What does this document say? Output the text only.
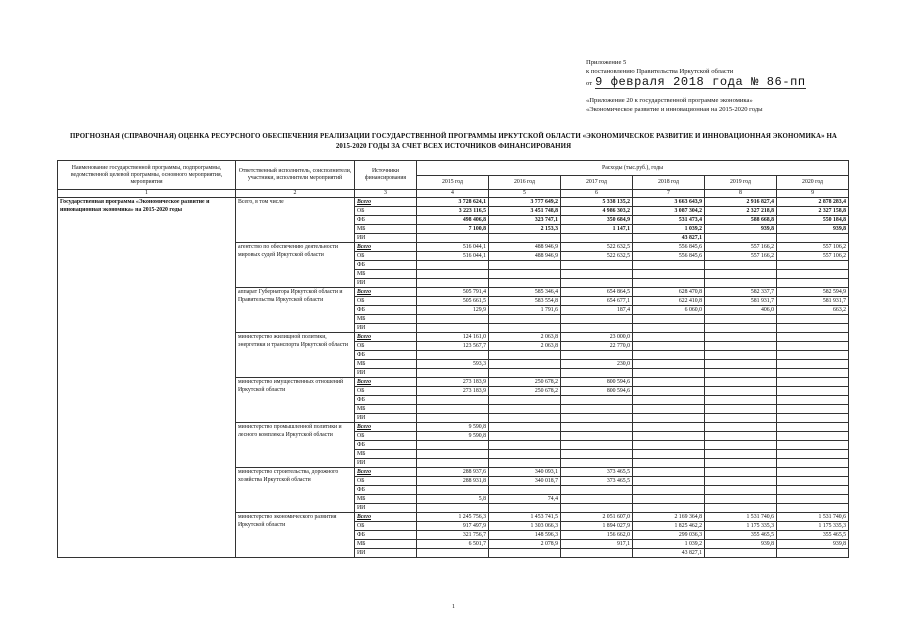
Приложение 5
к постановлению Правительства Иркутской области
от 9 февраля 2018 года № 86-пп
«Приложение 20 к государственной программе экономика»
«Экономическое развитие и инновационная на 2015-2020 годы
ПРОГНОЗНАЯ (СПРАВОЧНАЯ) ОЦЕНКА РЕСУРСНОГО ОБЕСПЕЧЕНИЯ РЕАЛИЗАЦИИ ГОСУДАРСТВЕННОЙ ПРОГРАММЫ ИРКУТСКОЙ ОБЛАСТИ «ЭКОНОМИЧЕСКОЕ РАЗВИТИЕ И ИННОВАЦИОННАЯ ЭКОНОМИКА» НА 2015-2020 ГОДЫ ЗА СЧЕТ ВСЕХ ИСТОЧНИКОВ ФИНАНСИРОВАНИЯ
Наименование государственной программы, подпрограммы, ведомственной целевой программы, основного мероприятия, мероприятия	Ответственный исполнитель, соисполнители, участники, исполнители мероприятий	Источники финансирования	Расходы (тыс.руб.), годы					
			2015 год	2016 год	2017 год	2018 год	2019 год	2020 год
1	2	3	4	5	6	7	8	9
Государственная программа «Экономическое развитие и инновационная экономика» на 2015-2020 годы	Всего, в том числе	Всего	3 728 624,1	3 777 649,2	5 338 135,2	3 663 643,9	2 916 827,4	2 878 283,4
		ОБ	3 223 116,5	3 451 748,8	4 986 303,2	3 087 304,2	2 327 218,8	2 327 158,8
		ФБ	498 406,8	323 747,1	350 684,9	531 473,4	588 668,8	550 184,8
		МБ	7 100,8	2 153,3	1 147,1	1 039,2	939,8	939,8
		ИИ				43 827,1		
	агентство по обеспечению деятельности мировых судей Иркутской области	Всего	516 044,1	488 946,9	522 632,5	556 845,6	557 166,2	557 106,2
		ОБ	516 044,1	488 946,9	522 632,5	556 845,6	557 166,2	557 106,2
		ФБ						
		МБ						
		ИИ						
	аппарат Губернатора Иркутской области и Правительства Иркутской области	Всего	505 791,4	585 346,4	654 864,5	628 470,8	582 337,7	582 594,9
		ОБ	505 661,5	583 554,8	654 677,1	622 410,8	581 931,7	581 931,7
		ФБ	129,9	1 791,6	187,4	6 060,0	406,0	663,2
		МБ						
		ИИ						
	министерство жилищной политики, энергетики и транспорта Иркутской области	Всего	124 161,0	2 063,8	23 000,0			
		ОБ	123 567,7	2 063,8	22 770,0			
		ФБ						
		МБ	593,3		230,0			
		ИИ						
	министерство имущественных отношений Иркутской области	Всего	273 183,9	250 678,2	800 594,6			
		ОБ	273 183,9	250 678,2	800 594,6			
		ФБ						
		МБ						
		ИИ						
	министерство промышленной политики и лесного комплекса Иркутской области	Всего	9 590,8					
		ОБ	9 590,8					
		ФБ						
		МБ						
		ИИ						
	министерство строительства, дорожного хозяйства Иркутской области	Всего	288 937,6	340 093,1	373 465,5			
		ОБ	288 931,8	340 018,7	373 465,5			
		ФБ						
		МБ	5,8	74,4				
		ИИ						
	министерство экономического развития Иркутской области	Всего	1 245 756,3	1 453 741,5	2 051 607,0	2 169 364,8	1 531 740,6	1 531 740,6
		ОБ	917 497,9	1 303 066,3	1 894 027,9	1 825 462,2	1 175 335,3	1 175 335,3
		ФБ	321 756,7	148 596,3	156 662,0	299 036,3	355 465,5	355 465,5
		МБ	6 501,7	2 078,9	917,1	1 039,2	939,8	939,8
		ИИ				43 827,1		
1
